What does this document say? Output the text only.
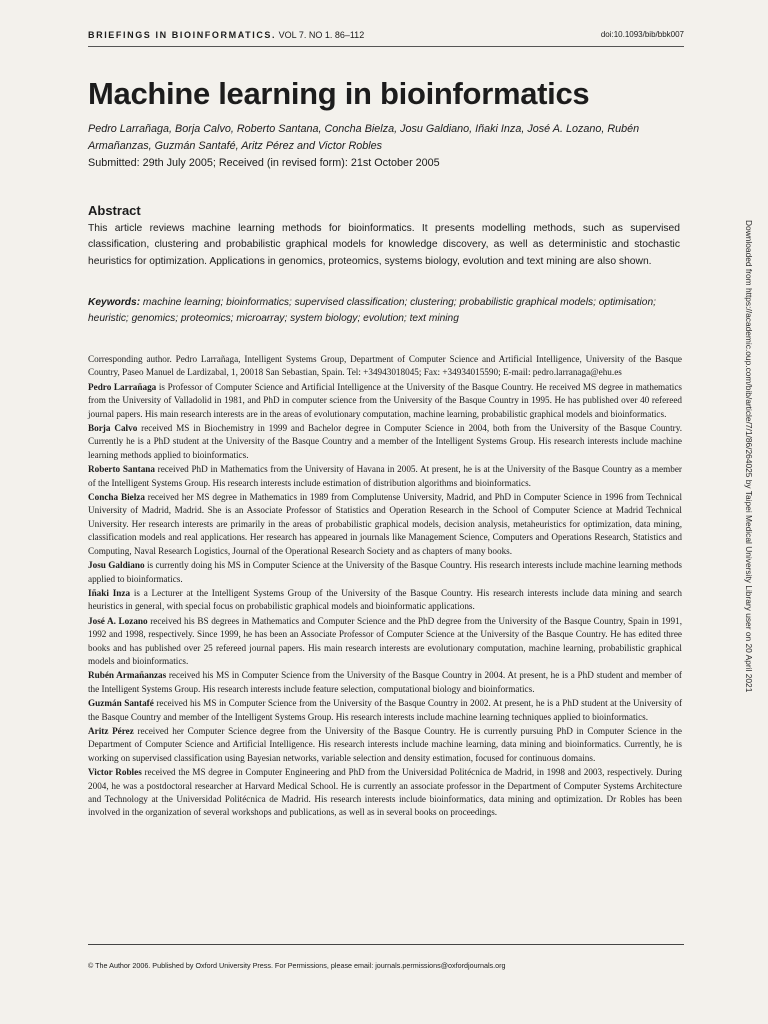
BRIEFINGS IN BIOINFORMATICS. VOL 7. NO 1. 86–112	doi:10.1093/bib/bbk007
Machine learning in bioinformatics
Pedro Larrañaga, Borja Calvo, Roberto Santana, Concha Bielza, Josu Galdiano, Iñaki Inza, José A. Lozano, Rubén Armañanzas, Guzmán Santafé, Aritz Pérez and Victor Robles
Submitted: 29th July 2005; Received (in revised form): 21st October 2005
Abstract

This article reviews machine learning methods for bioinformatics. It presents modelling methods, such as supervised classification, clustering and probabilistic graphical models for knowledge discovery, as well as deterministic and stochastic heuristics for optimization. Applications in genomics, proteomics, systems biology, evolution and text mining are also shown.

Keywords: machine learning; bioinformatics; supervised classification; clustering; probabilistic graphical models; optimisation; heuristic; genomics; proteomics; microarray; system biology; evolution; text mining

Corresponding author. Pedro Larrañaga, Intelligent Systems Group, Department of Computer Science and Artificial Intelligence, University of the Basque Country, Paseo Manuel de Lardizabal, 1, 20018 San Sebastian, Spain. Tel: +34943018045; Fax: +34934015590; E-mail: pedro.larranaga@ehu.es

Pedro Larrañaga is Professor of Computer Science and Artificial Intelligence at the University of the Basque Country. He received MS degree in mathematics from the University of Valladolid in 1981, and PhD in computer science from the University of the Basque Country in 1995. He has published over 40 refereed journal papers. His main research interests are in the areas of evolutionary computation, machine learning, probabilistic graphical models and bioinformatics.

Borja Calvo received MS in Biochemistry in 1999 and Bachelor degree in Computer Science in 2004, both from the University of the Basque Country. Currently he is a PhD student at the University of the Basque Country and a member of the Intelligent Systems Group. His research interests include machine learning methods applied to bioinformatics.

Roberto Santana received PhD in Mathematics from the University of Havana in 2005. At present, he is at the University of the Basque Country as a member of the Intelligent Systems Group. His research interests include estimation of distribution algorithms and bioinformatics.

Concha Bielza received her MS degree in Mathematics in 1989 from Complutense University, Madrid, and PhD in Computer Science in 1996 from Technical University of Madrid, Madrid. She is an Associate Professor of Statistics and Operation Research in the School of Computer Science at Madrid Technical University. Her research interests are primarily in the areas of probabilistic graphical models, decision analysis, metaheuristics for optimization, data mining, classification models and real applications. Her research has appeared in journals like Management Science, Computers and Operations Research, Statistics and Computing, Naval Research Logistics, Journal of the Operational Research Society and as chapters of many books.

Josu Galdiano is currently doing his MS in Computer Science at the University of the Basque Country. His research interests include machine learning methods applied to bioinformatics.

Iñaki Inza is a Lecturer at the Intelligent Systems Group of the University of the Basque Country. His research interests include data mining and search heuristics in general, with special focus on probabilistic graphical models and bioinformatic applications.

José A. Lozano received his BS degrees in Mathematics and Computer Science and the PhD degree from the University of the Basque Country, Spain in 1991, 1992 and 1998, respectively. Since 1999, he has been an Associate Professor of Computer Science at the University of the Basque Country. He has edited three books and has published over 25 refereed journal papers. His main research interests are evolutionary computation, machine learning, probabilistic graphical models and bioinformatics.

Rubén Armañanzas received his MS in Computer Science from the University of the Basque Country in 2004. At present, he is a PhD student and member of the Intelligent Systems Group. His research interests include feature selection, computational biology and bioinformatics.

Guzmán Santafé received his MS in Computer Science from the University of the Basque Country in 2002. At present, he is a PhD student at the University of the Basque Country and member of the Intelligent Systems Group. His research interests include machine learning techniques applied to bioinformatics.

Aritz Pérez received her Computer Science degree from the University of the Basque Country. He is currently pursuing PhD in Computer Science in the Department of Computer Science and Artificial Intelligence. His research interests include machine learning, data mining and bioinformatics. Currently, he is working on supervised classification using Bayesian networks, variable selection and density estimation, focused for continuous domains.

Victor Robles received the MS degree in Computer Engineering and PhD from the Universidad Politécnica de Madrid, in 1998 and 2003, respectively. During 2004, he was a postdoctoral researcher at Harvard Medical School. He is currently an associate professor in the Department of Computer Systems Architecture and Technology at the Universidad Politécnica de Madrid. His research interests include bioinformatics, data mining and optimization. Dr Robles has been involved in the organization of several workshops and publications, as well as in several books on proceedings.

© The Author 2006. Published by Oxford University Press. For Permissions, please email: journals.permissions@oxfordjournals.org
Downloaded from https://academic.oup.com/bib/article/7/1/86/264025 by Taipei Medical University Library user on 20 April 2021
